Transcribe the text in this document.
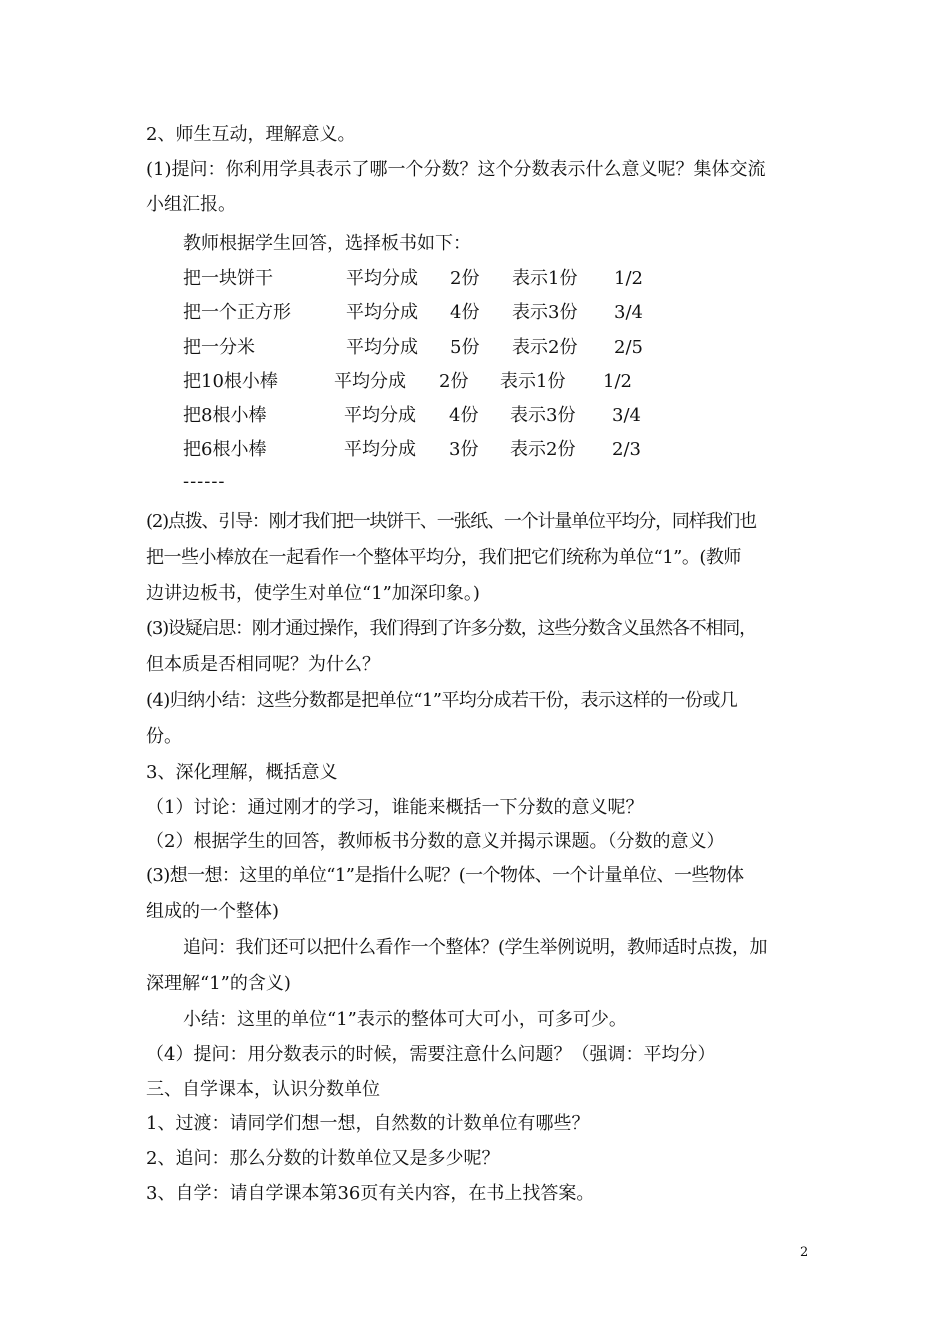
2、师生互动，理解意义。
(1)提问：你利用学具表示了哪一个分数？这个分数表示什么意义呢？集体交流
小组汇报。
教师根据学生回答，选择板书如下：
把一块饼干	平均分成 2份 表示1份 1/2
把一个正方形	平均分成 4份 表示3份 3/4
把一分米	平均分成 5份 表示2份 2/5
把10根小棒	平均分成 2份 表示1份 1/2
把8根小棒	平均分成 4份 表示3份 3/4
把6根小棒	平均分成 3份 表示2份 2/3
------
(2)点拨、引导：刚才我们把一块饼干、一张纸、一个计量单位平均分，同样我们也
把一些小棒放在一起看作一个整体平均分，我们把它们统称为单位“1”。(教师
边讲边板书，使学生对单位“1”加深印象。)
(3)设疑启思：刚才通过操作，我们得到了许多分数，这些分数含义虽然各不相同，
但本质是否相同呢？为什么？
(4)归纳小结：这些分数都是把单位“1”平均分成若干份，表示这样的一份或几
份。
3、深化理解，概括意义
（1）讨论：通过刚才的学习，谁能来概括一下分数的意义呢？
（2）根据学生的回答，教师板书分数的意义并揭示课题。（分数的意义）
(3)想一想：这里的单位“1”是指什么呢？(一个物体、一个计量单位、一些物体
组成的一个整体)
追问：我们还可以把什么看作一个整体？(学生举例说明，教师适时点拨，加
深理解“1”的含义)
小结：这里的单位“1”表示的整体可大可小，可多可少。
（4）提问：用分数表示的时候，需要注意什么问题？（强调：平均分）
三、自学课本，认识分数单位
1、过渡：请同学们想一想，自然数的计数单位有哪些？
2、追问：那么分数的计数单位又是多少呢？
3、自学：请自学课本第36页有关内容，在书上找答案。
2
